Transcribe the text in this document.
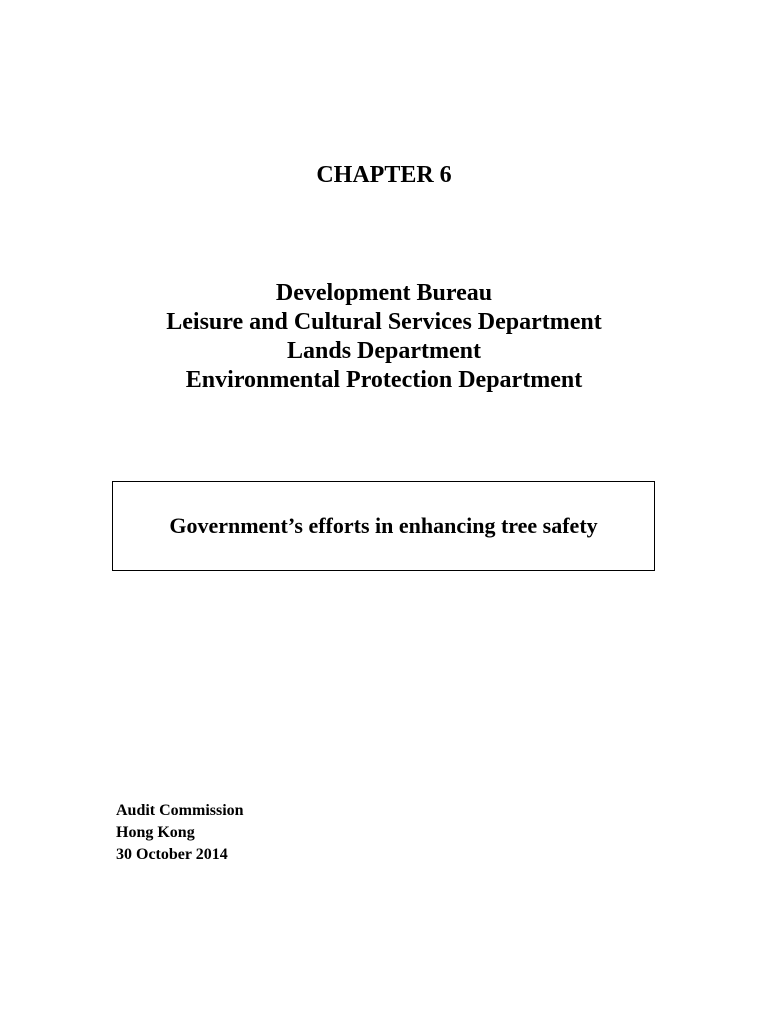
CHAPTER 6
Development Bureau
Leisure and Cultural Services Department
Lands Department
Environmental Protection Department
Government’s efforts in enhancing tree safety
Audit Commission
Hong Kong
30 October 2014
